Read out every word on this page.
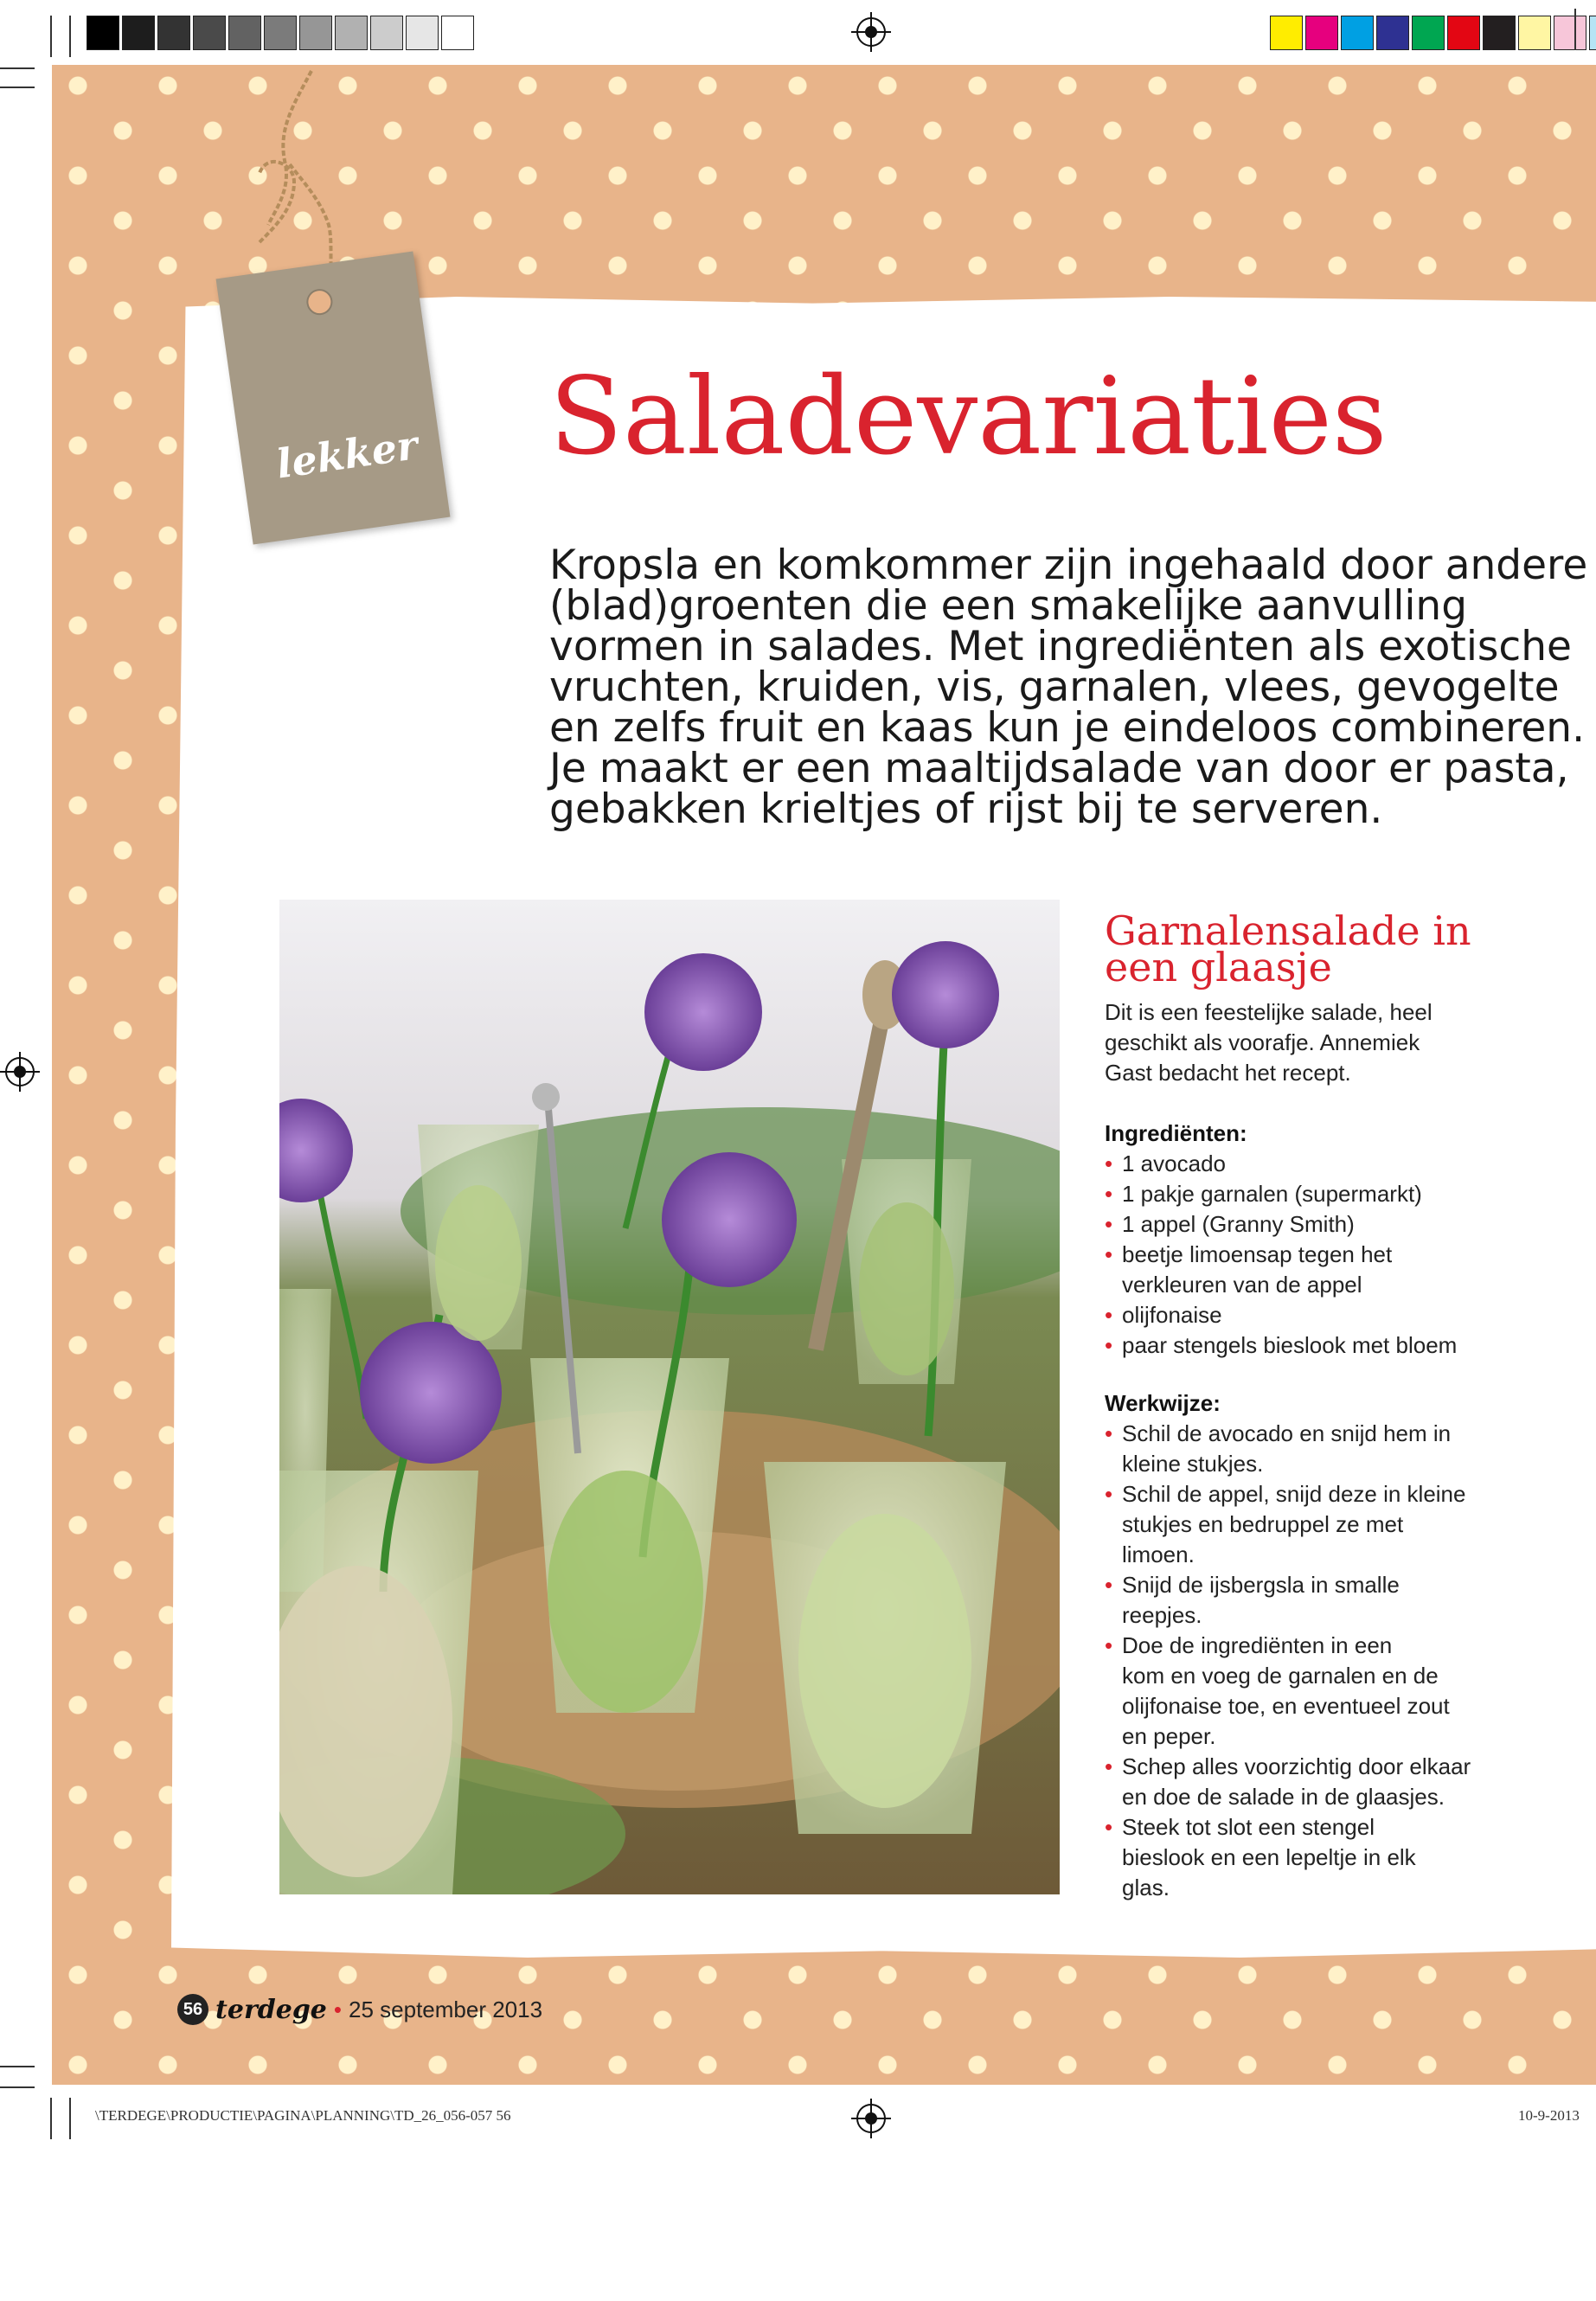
lekker Saladevariaties

Kropsla en komkommer zijn ingehaald door andere

(blad)groenten die een smakelijke aanvulling

vormen in salades. Met ingrediënten als exotische

vruchten, kruiden, vis, garnalen, vlees, gevogelte

en zelfs fruit en kaas kun je eindeloos combineren.

Je maakt er een maaltijdsalade van door er pasta,

gebakken krieltjes of rijst bij te serveren.

Garnalensalade in
een glaasje
Dit is een feestelijke salade, heel
geschikt als voorafje. Annemiek
Gast bedacht het recept.
Ingrediënten:
• 1 avocado
• 1 pakje garnalen (supermarkt)
• 1 appel (Granny Smith)
• beetje limoensap tegen het
verkleuren van de appel
• olijfonaise
• paar stengels bieslook met bloem
Werkwijze:
• Schil de avocado en snijd hem in
kleine stukjes.
• Schil de appel, snijd deze in kleine
stukjes en bedruppel ze met
limoen.
• Snijd de ijsbergsla in smalle
reepjes.
• Doe de ingrediënten in een
kom en voeg de garnalen en de
olijfonaise toe, en eventueel zout
en peper.
• Schep alles voorzichtig door elkaar
en doe de salade in de glaasjes.
• Steek tot slot een stengel
bieslook en een lepeltje in elk
glas.
56 terdege • 25 september 2013
\TERDEGE\PRODUCTIE\PAGINA\PLANNING\TD_26_056-057 56	10-9-2013
